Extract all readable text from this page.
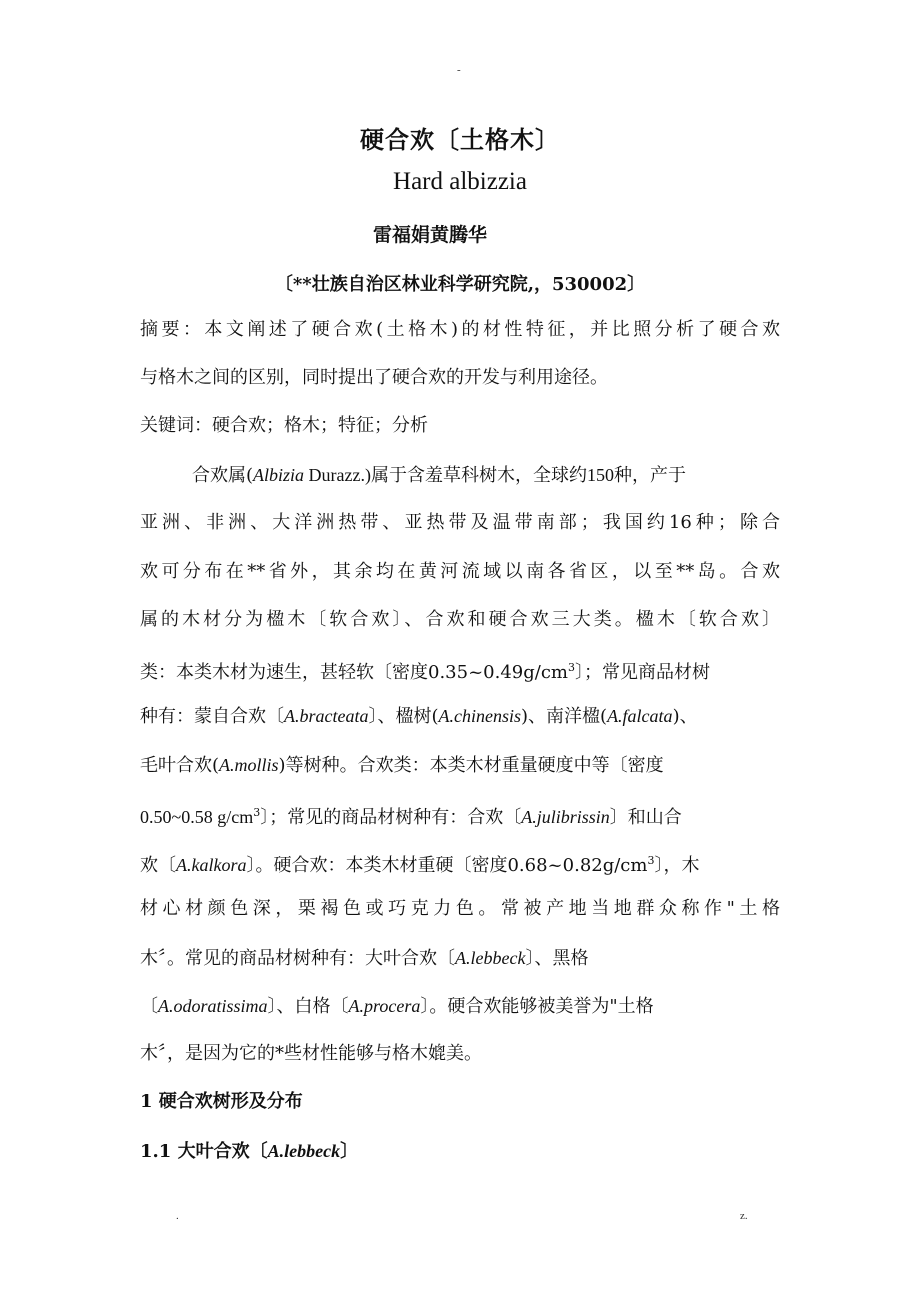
-
硬合欢〔土格木〕
Hard albizzia
雷福娟黄腾华
〔**壮族自治区林业科学研究院,，530002〕
摘要：本文阐述了硬合欢(土格木)的材性特征，并比照分析了硬合欢
与格木之间的区别，同时提出了硬合欢的开发与利用途径。
关键词：硬合欢；格木；特征；分析
合欢属(Albizia Durazz.)属于含羞草科树木，全球约150种，产于
亚洲、非洲、大洋洲热带、亚热带及温带南部；我国约16种；除合
欢可分布在**省外，其余均在黄河流域以南各省区，以至**岛。合欢
属的木材分为楹木〔软合欢〕、合欢和硬合欢三大类。楹木〔软合欢〕
类：本类木材为速生，甚轻软〔密度$0.35\sim 0.49g/cm^3$〕；常见商品材树
种有：蒙自合欢〔A.bracteata〕、楹树(A.chinensis)、南洋楹(A.falcata)、
毛叶合欢(A.mollis)等树种。合欢类：本类木材重量硬度中等〔密度
0.50~0.58 $g/cm^3$〕；常见的商品材树种有：合欢〔A.julibrissin〕和山合
欢〔A.kalkora〕。硬合欢：本类木材重硬〔密度$0.68\sim 0.82g/cm^3$〕，木
材心材颜色深，栗褐色或巧克力色。常被产地当地群众称作"土格
木〞。常见的商品材树种有：大叶合欢〔A.lebbeck〕、黑格
〔A.odoratissima〕、白格〔A.procera〕。硬合欢能够被美誉为"土格
木〞，是因为它的*些材性能够与格木媲美。
1 硬合欢树形及分布
1.1 大叶合欢〔A.lebbeck〕
.	z.
